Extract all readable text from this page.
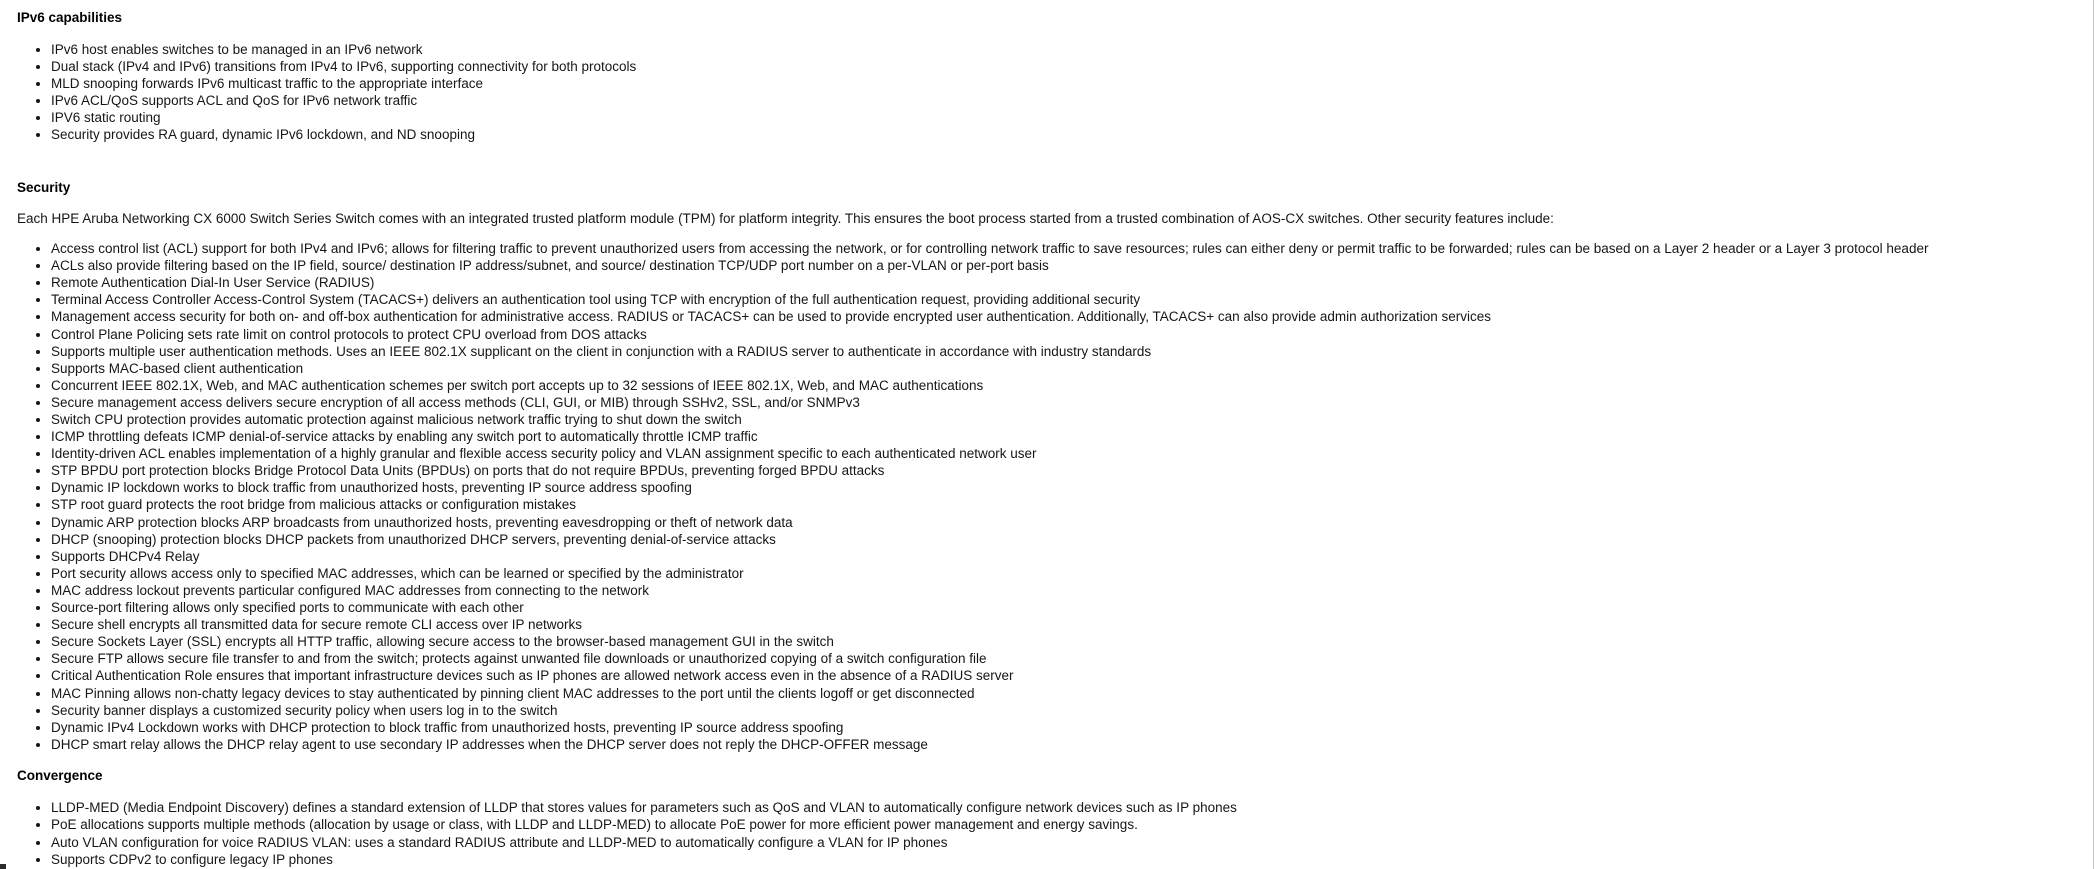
IPv6 capabilities
• IPv6 host enables switches to be managed in an IPv6 network
• Dual stack (IPv4 and IPv6) transitions from IPv4 to IPv6, supporting connectivity for both protocols
• MLD snooping forwards IPv6 multicast traffic to the appropriate interface
• IPv6 ACL/QoS supports ACL and QoS for IPv6 network traffic
• IPV6 static routing
• Security provides RA guard, dynamic IPv6 lockdown, and ND snooping
Security

Each HPE Aruba Networking CX 6000 Switch Series Switch comes with an integrated trusted platform module (TPM) for platform integrity. This ensures the boot process started from a trusted combination of AOS-CX switches. Other security features include:

• Access control list (ACL) support for both IPv4 and IPv6; allows for filtering traffic to prevent unauthorized users from accessing the network, or for controlling network traffic to save resources; rules can either deny or permit traffic to be forwarded; rules can be based on a Layer 2 header or a Layer 3 protocol header
• ACLs also provide filtering based on the IP field, source/ destination IP address/subnet, and source/ destination TCP/UDP port number on a per-VLAN or per-port basis
• Remote Authentication Dial-In User Service (RADIUS)
• Terminal Access Controller Access-Control System (TACACS+) delivers an authentication tool using TCP with encryption of the full authentication request, providing additional security
• Management access security for both on- and off-box authentication for administrative access. RADIUS or TACACS+ can be used to provide encrypted user authentication. Additionally, TACACS+ can also provide admin authorization services
• Control Plane Policing sets rate limit on control protocols to protect CPU overload from DOS attacks
• Supports multiple user authentication methods. Uses an IEEE 802.1X supplicant on the client in conjunction with a RADIUS server to authenticate in accordance with industry standards
• Supports MAC-based client authentication
• Concurrent IEEE 802.1X, Web, and MAC authentication schemes per switch port accepts up to 32 sessions of IEEE 802.1X, Web, and MAC authentications
• Secure management access delivers secure encryption of all access methods (CLI, GUI, or MIB) through SSHv2, SSL, and/or SNMPv3
• Switch CPU protection provides automatic protection against malicious network traffic trying to shut down the switch
• ICMP throttling defeats ICMP denial-of-service attacks by enabling any switch port to automatically throttle ICMP traffic
• Identity-driven ACL enables implementation of a highly granular and flexible access security policy and VLAN assignment specific to each authenticated network user
• STP BPDU port protection blocks Bridge Protocol Data Units (BPDUs) on ports that do not require BPDUs, preventing forged BPDU attacks
• Dynamic IP lockdown works to block traffic from unauthorized hosts, preventing IP source address spoofing
• STP root guard protects the root bridge from malicious attacks or configuration mistakes
• Dynamic ARP protection blocks ARP broadcasts from unauthorized hosts, preventing eavesdropping or theft of network data
• DHCP (snooping) protection blocks DHCP packets from unauthorized DHCP servers, preventing denial-of-service attacks
• Supports DHCPv4 Relay
• Port security allows access only to specified MAC addresses, which can be learned or specified by the administrator
• MAC address lockout prevents particular configured MAC addresses from connecting to the network
• Source-port filtering allows only specified ports to communicate with each other
• Secure shell encrypts all transmitted data for secure remote CLI access over IP networks
• Secure Sockets Layer (SSL) encrypts all HTTP traffic, allowing secure access to the browser-based management GUI in the switch
• Secure FTP allows secure file transfer to and from the switch; protects against unwanted file downloads or unauthorized copying of a switch configuration file
• Critical Authentication Role ensures that important infrastructure devices such as IP phones are allowed network access even in the absence of a RADIUS server
• MAC Pinning allows non-chatty legacy devices to stay authenticated by pinning client MAC addresses to the port until the clients logoff or get disconnected
• Security banner displays a customized security policy when users log in to the switch
• Dynamic IPv4 Lockdown works with DHCP protection to block traffic from unauthorized hosts, preventing IP source address spoofing
• DHCP smart relay allows the DHCP relay agent to use secondary IP addresses when the DHCP server does not reply the DHCP-OFFER message
Convergence
• LLDP-MED (Media Endpoint Discovery) defines a standard extension of LLDP that stores values for parameters such as QoS and VLAN to automatically configure network devices such as IP phones
• PoE allocations supports multiple methods (allocation by usage or class, with LLDP and LLDP-MED) to allocate PoE power for more efficient power management and energy savings.
• Auto VLAN configuration for voice RADIUS VLAN: uses a standard RADIUS attribute and LLDP-MED to automatically configure a VLAN for IP phones
• Supports CDPv2 to configure legacy IP phones
